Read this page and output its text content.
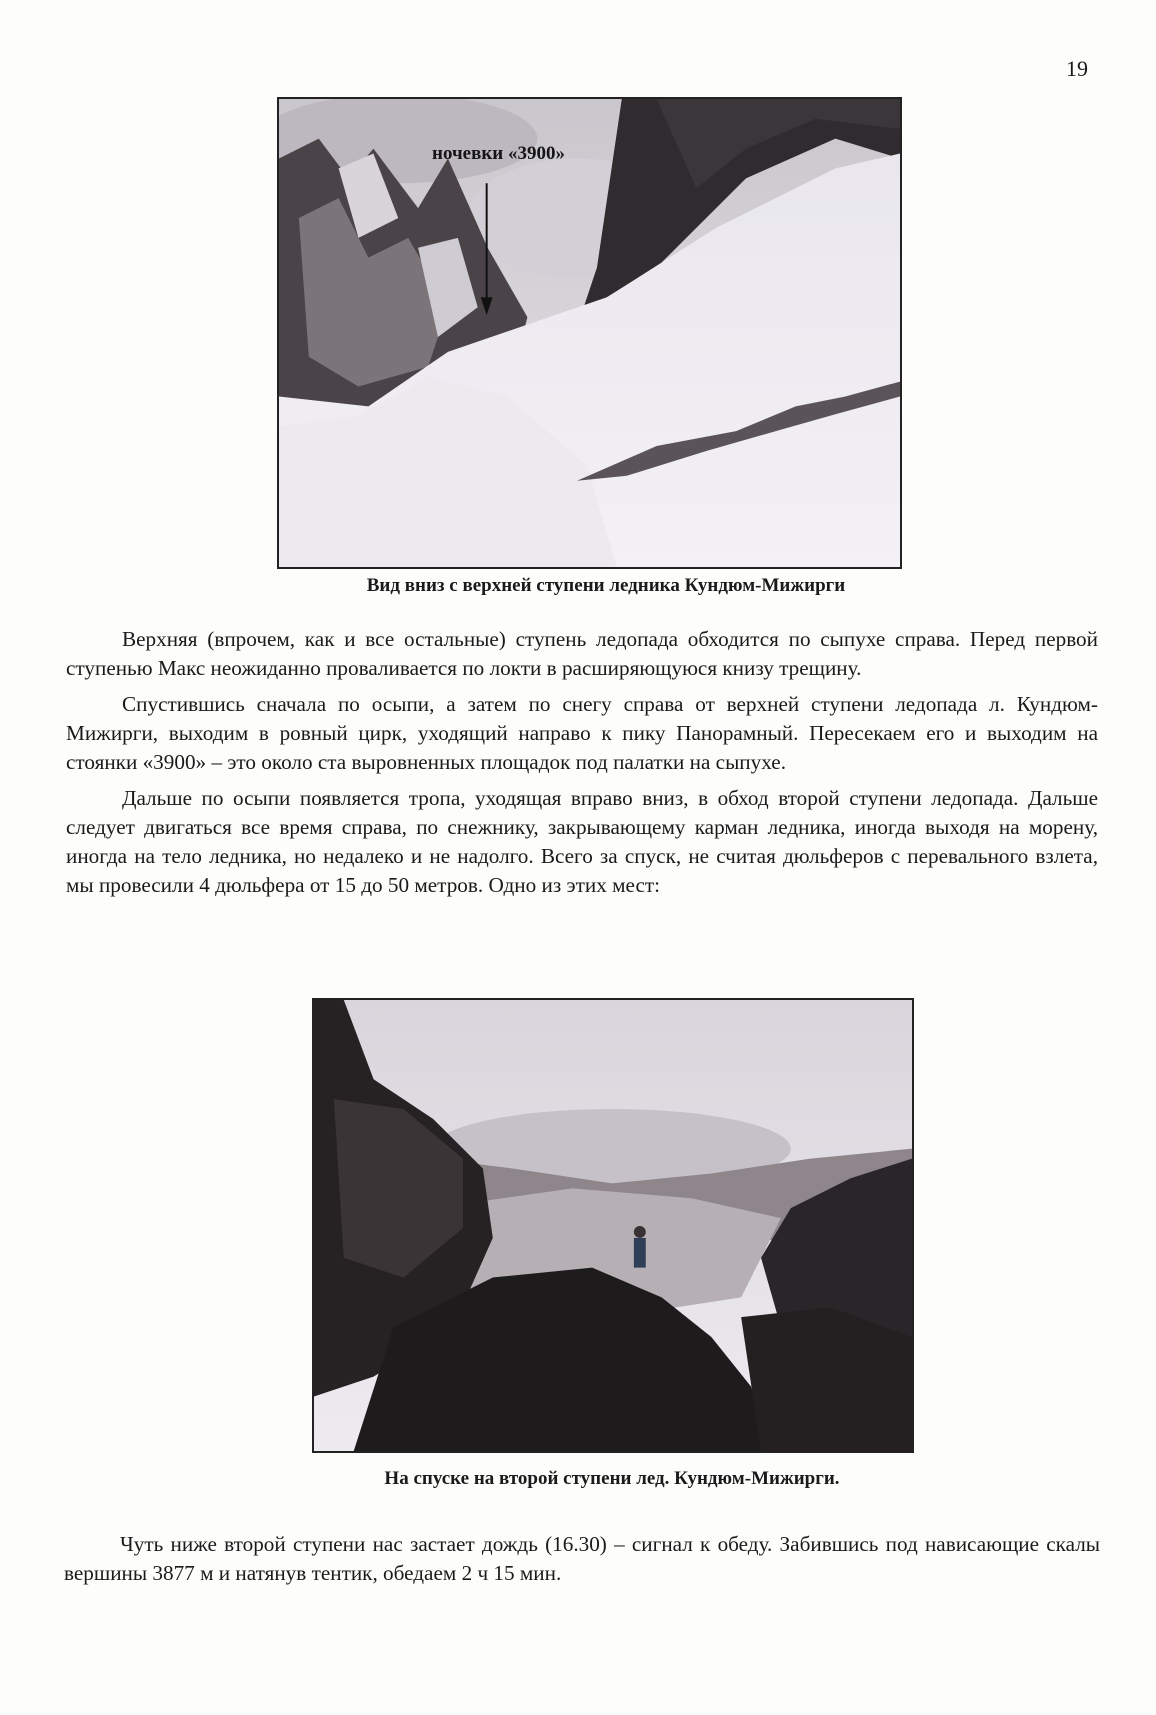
19
ночевки «3900»
Вид вниз с верхней ступени ледника Кундюм-Мижирги

Верхняя (впрочем, как и все остальные) ступень ледопада обходится по сыпухе справа. Перед первой ступенью Макс неожиданно проваливается по локти в расширяющуюся книзу трещину.

Спустившись сначала по осыпи, а затем по снегу справа от верхней ступени ледопада л. Кундюм-Мижирги, выходим в ровный цирк, уходящий направо к пику Панорамный. Пересекаем его и выходим на стоянки «3900» – это около ста выровненных площадок под палатки на сыпухе.

Дальше по осыпи появляется тропа, уходящая вправо вниз, в обход второй ступени ледопада. Дальше следует двигаться все время справа, по снежнику, закрывающему карман ледника, иногда выходя на морену, иногда на тело ледника, но недалеко и не надолго. Всего за спуск, не считая дюльферов с перевального взлета, мы провесили 4 дюльфера от 15 до 50 метров. Одно из этих мест:

На спуске на второй ступени лед. Кундюм-Мижирги.

Чуть ниже второй ступени нас застает дождь (16.30) – сигнал к обеду. Забившись под нависающие скалы вершины 3877 м и натянув тентик, обедаем 2 ч 15 мин.
